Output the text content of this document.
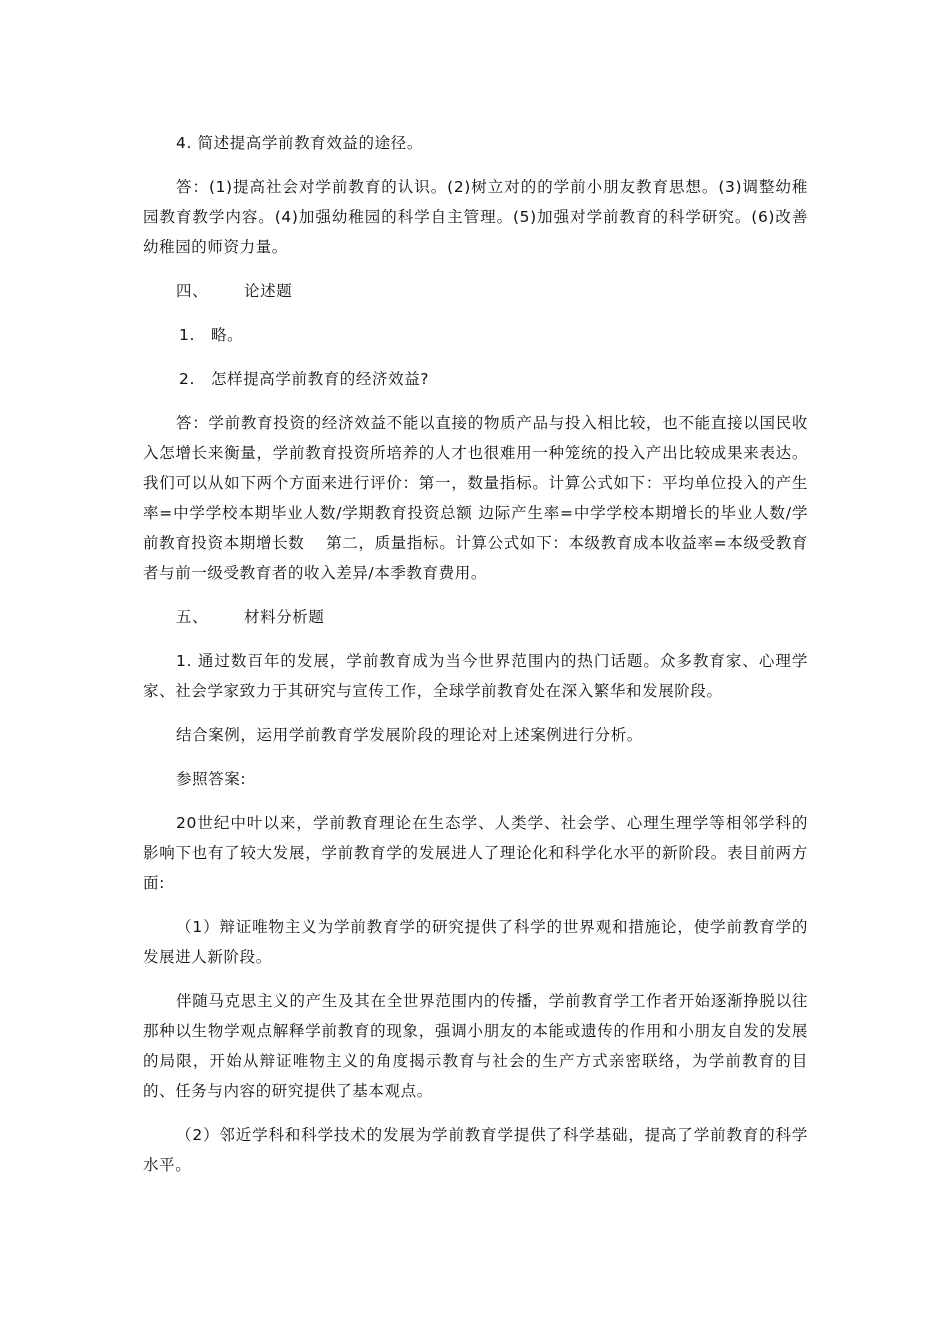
4. 简述提高学前教育效益的途径。

答：(1)提高社会对学前教育的认识。(2)树立对的的学前小朋友教育思想。(3)调整幼稚园教育教学内容。(4)加强幼稚园的科学自主管理。(5)加强对学前教育的科学研究。(6)改善幼稚园的师资力量。

四、	论述题
1.	略。
2.	怎样提高学前教育的经济效益?

答：学前教育投资的经济效益不能以直接的物质产品与投入相比较，也不能直接以国民收入怎增长来衡量，学前教育投资所培养的人才也很难用一种笼统的投入产出比较成果来表达。我们可以从如下两个方面来进行评价：第一，数量指标。计算公式如下：平均单位投入的产生率=中学学校本期毕业人数/学期教育投资总额 边际产生率=中学学校本期增长的毕业人数/学前教育投资本期增长数　 第二，质量指标。计算公式如下：本级教育成本收益率=本级受教育者与前一级受教育者的收入差异/本季教育费用。

五、	材料分析题

1. 通过数百年的发展，学前教育成为当今世界范围内的热门话题。众多教育家、心理学家、社会学家致力于其研究与宣传工作，全球学前教育处在深入繁华和发展阶段。

结合案例，运用学前教育学发展阶段的理论对上述案例进行分析。

参照答案:

20世纪中叶以来，学前教育理论在生态学、人类学、社会学、心理生理学等相邻学科的影响下也有了较大发展，学前教育学的发展进人了理论化和科学化水平的新阶段。表目前两方面:

（1）辩证唯物主义为学前教育学的研究提供了科学的世界观和措施论，使学前教育学的发展进人新阶段。

伴随马克思主义的产生及其在全世界范围内的传播，学前教育学工作者开始逐渐挣脱以往那种以生物学观点解释学前教育的现象，强调小朋友的本能或遗传的作用和小朋友自发的发展的局限，开始从辩证唯物主义的角度揭示教育与社会的生产方式亲密联络，为学前教育的目的、任务与内容的研究提供了基本观点。

（2）邻近学科和科学技术的发展为学前教育学提供了科学基础，提高了学前教育的科学水平。
